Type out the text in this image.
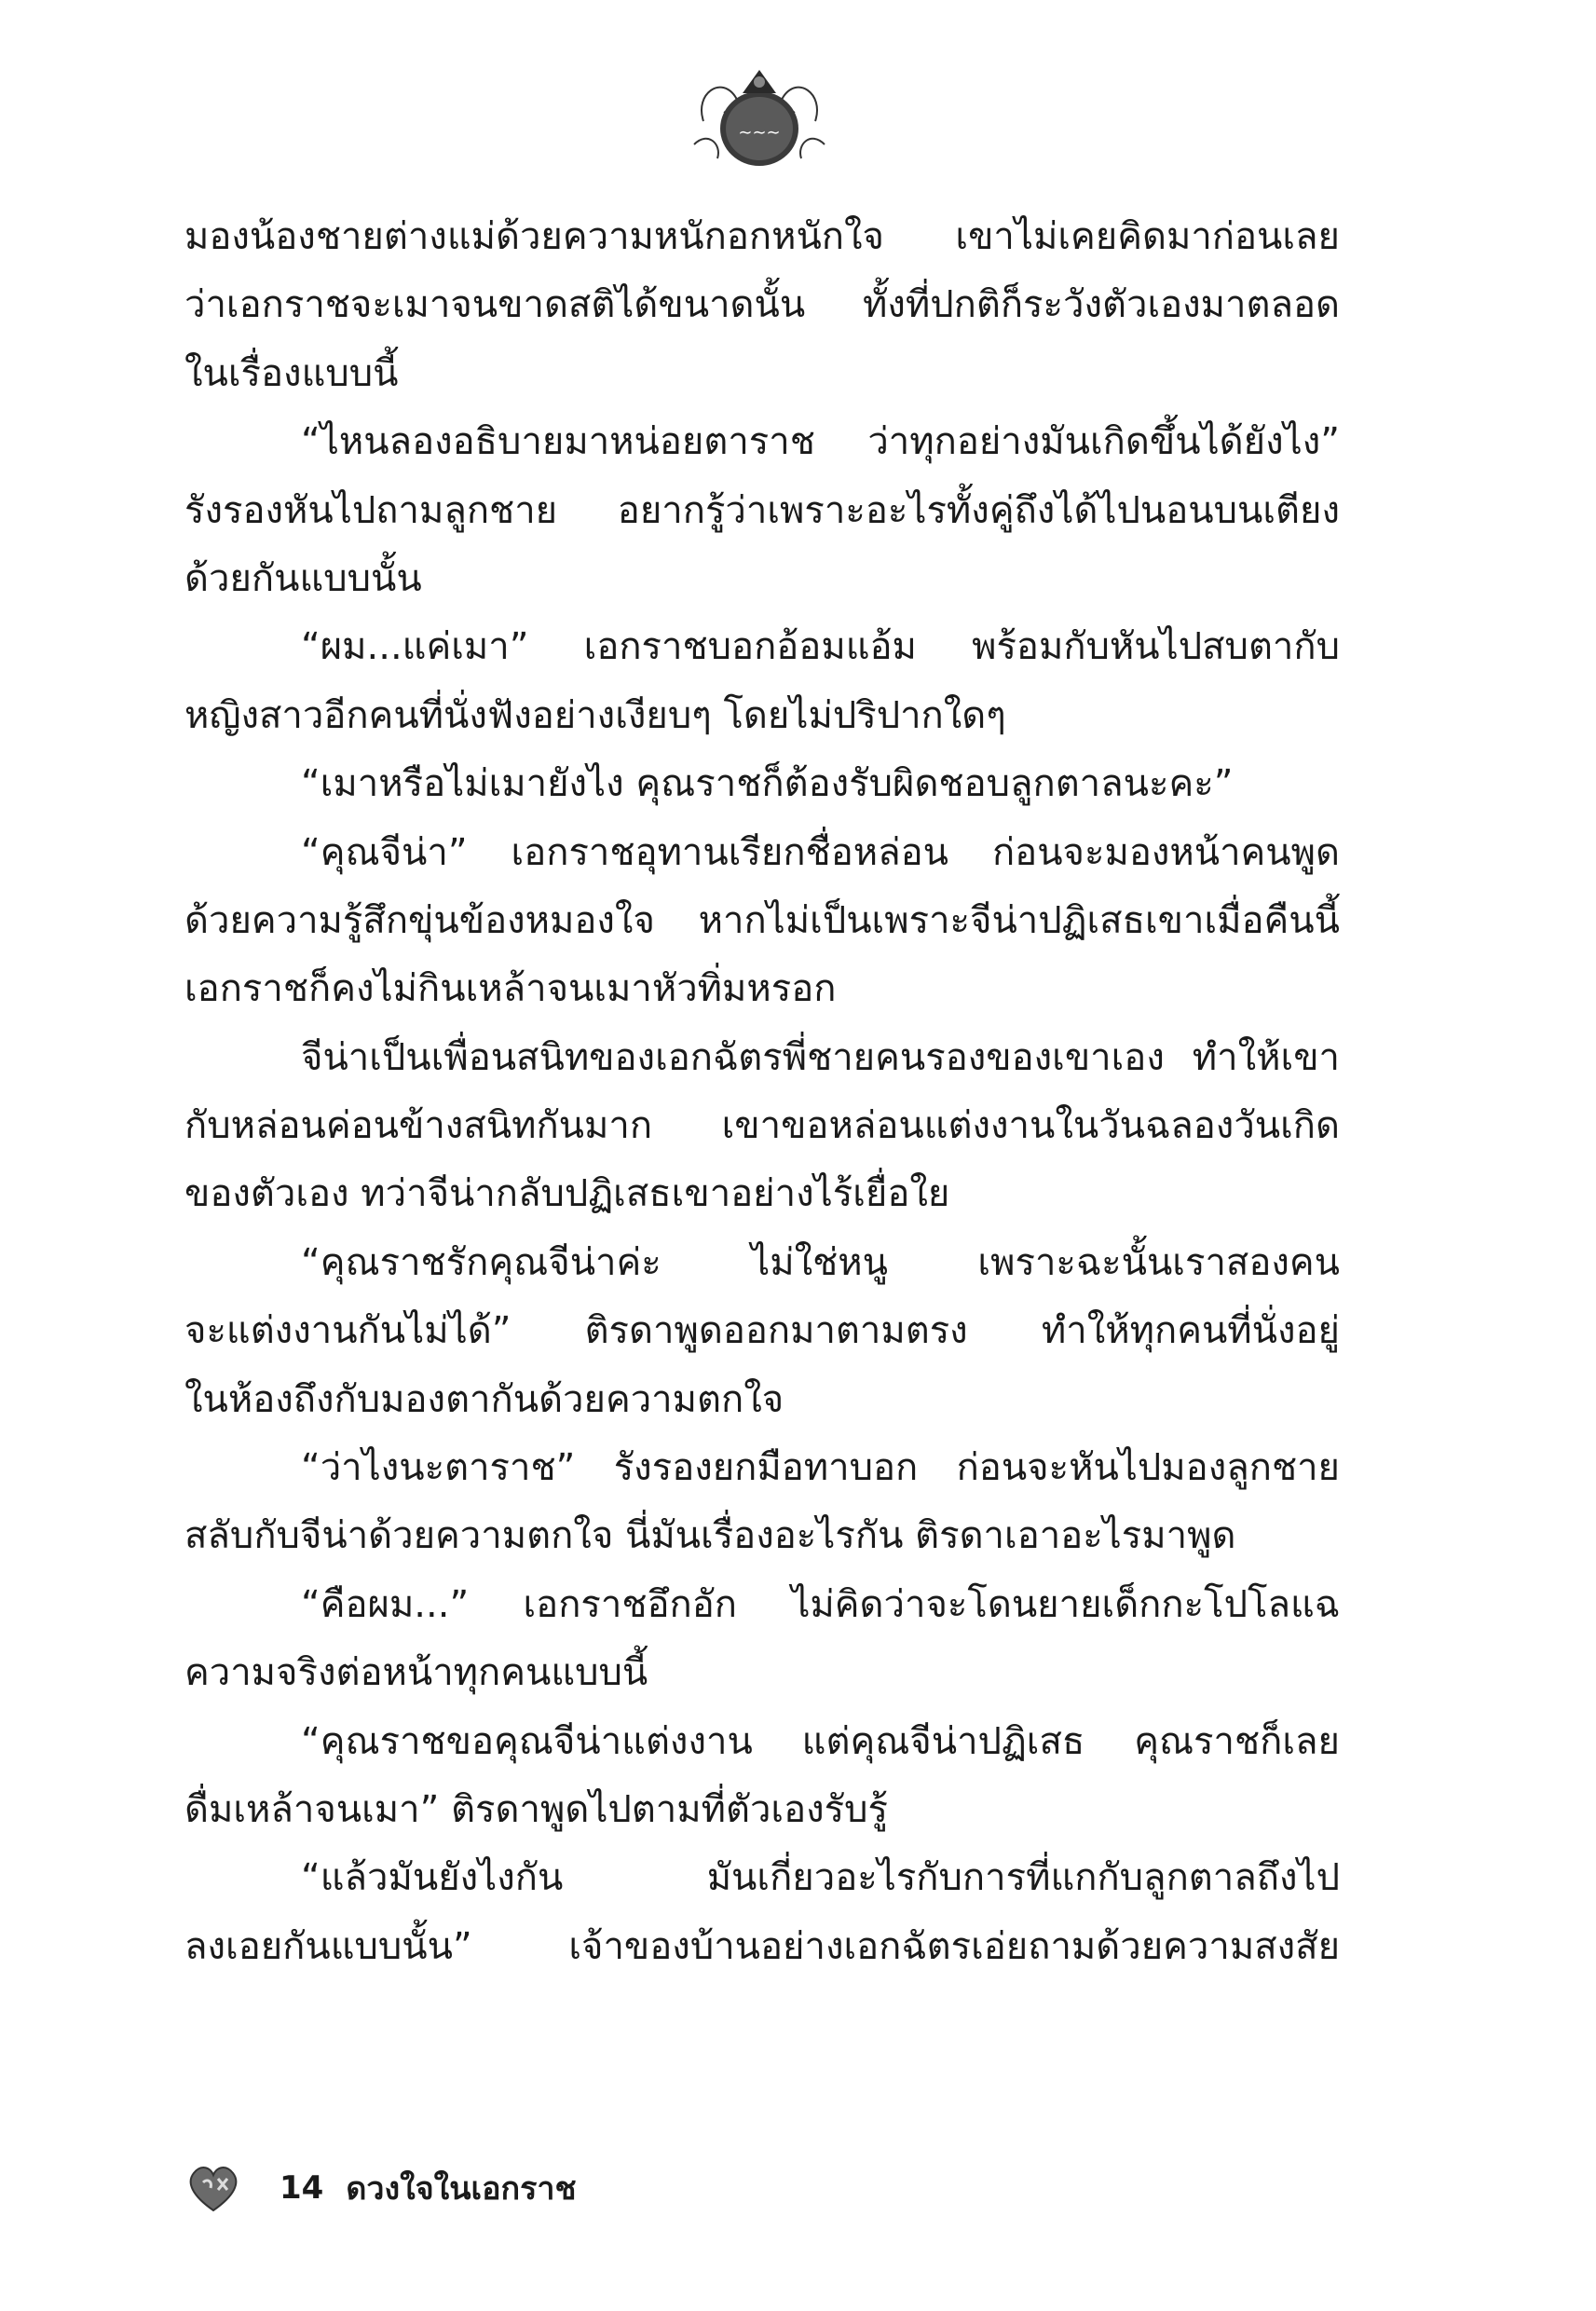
∼∼∼
มองน้องชายต่างแม่ด้วยความหนักอกหนักใจ เขาไม่เคยคิดมาก่อนเลย
ว่าเอกราชจะเมาจนขาดสติได้ขนาดนั้น ทั้งที่ปกติก็ระวังตัวเองมาตลอด
ในเรื่องแบบนี้
“ไหนลองอธิบายมาหน่อยตาราช ว่าทุกอย่างมันเกิดขึ้นได้ยังไง”
รังรองหันไปถามลูกชาย อยากรู้ว่าเพราะอะไรทั้งคู่ถึงได้ไปนอนบนเตียง
ด้วยกันแบบนั้น
“ผม...แค่เมา” เอกราชบอกอ้อมแอ้ม พร้อมกับหันไปสบตากับ
หญิงสาวอีกคนที่นั่งฟังอย่างเงียบๆ โดยไม่ปริปากใดๆ
“เมาหรือไม่เมายังไง คุณราชก็ต้องรับผิดชอบลูกตาลนะคะ”
“คุณจีน่า” เอกราชอุทานเรียกชื่อหล่อน ก่อนจะมองหน้าคนพูด
ด้วยความรู้สึกขุ่นข้องหมองใจ หากไม่เป็นเพราะจีน่าปฏิเสธเขาเมื่อคืนนี้
เอกราชก็คงไม่กินเหล้าจนเมาหัวทิ่มหรอก
จีน่าเป็นเพื่อนสนิทของเอกฉัตรพี่ชายคนรองของเขาเอง ทำให้เขา
กับหล่อนค่อนข้างสนิทกันมาก เขาขอหล่อนแต่งงานในวันฉลองวันเกิด
ของตัวเอง ทว่าจีน่ากลับปฏิเสธเขาอย่างไร้เยื่อใย
“คุณราชรักคุณจีน่าค่ะ ไม่ใช่หนู เพราะฉะนั้นเราสองคน
จะแต่งงานกันไม่ได้” ติรดาพูดออกมาตามตรง ทำให้ทุกคนที่นั่งอยู่
ในห้องถึงกับมองตากันด้วยความตกใจ
“ว่าไงนะตาราช” รังรองยกมือทาบอก ก่อนจะหันไปมองลูกชาย
สลับกับจีน่าด้วยความตกใจ นี่มันเรื่องอะไรกัน ติรดาเอาอะไรมาพูด
“คือผม...” เอกราชอึกอัก ไม่คิดว่าจะโดนยายเด็กกะโปโลแฉ
ความจริงต่อหน้าทุกคนแบบนี้
“คุณราชขอคุณจีน่าแต่งงาน แต่คุณจีน่าปฏิเสธ คุณราชก็เลย
ดื่มเหล้าจนเมา” ติรดาพูดไปตามที่ตัวเองรับรู้
“แล้วมันยังไงกัน มันเกี่ยวอะไรกับการที่แกกับลูกตาลถึงไป
ลงเอยกันแบบนั้น” เจ้าของบ้านอย่างเอกฉัตรเอ่ยถามด้วยความสงสัย
14 ดวงใจในเอกราช
